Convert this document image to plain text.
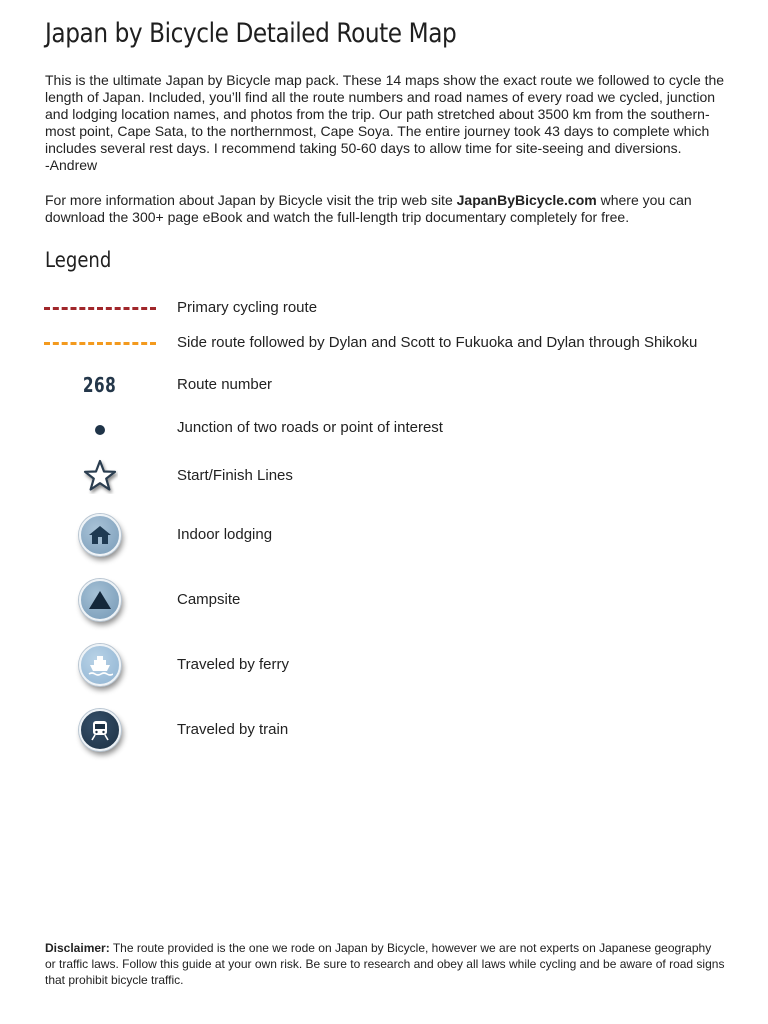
Japan by Bicycle Detailed Route Map

This is the ultimate Japan by Bicycle map pack. These 14 maps show the exact route we followed to cycle the length of Japan. Included, you’ll find all the route numbers and road names of every road we cycled, junction and lodging location names, and photos from the trip. Our path stretched about 3500 km from the southern-most point, Cape Sata, to the northernmost, Cape Soya. The entire journey took 43 days to complete which includes several rest days. I recommend taking 50-60 days to allow time for site-seeing and diversions.
-Andrew

For more information about Japan by Bicycle visit the trip web site JapanByBicycle.com where you can download the 300+ page eBook and watch the full-length trip documentary completely for free.

Legend
Primary cycling route
Side route followed by Dylan and Scott to Fukuoka and Dylan through Shikoku
268	Route number
Junction of two roads or point of interest
Start/Finish Lines
Indoor lodging
Campsite
Traveled by ferry
Traveled by train

Disclaimer: The route provided is the one we rode on Japan by Bicycle, however we are not experts on Japanese geography or traffic laws. Follow this guide at your own risk. Be sure to research and obey all laws while cycling and be aware of road signs that prohibit bicycle traffic.
